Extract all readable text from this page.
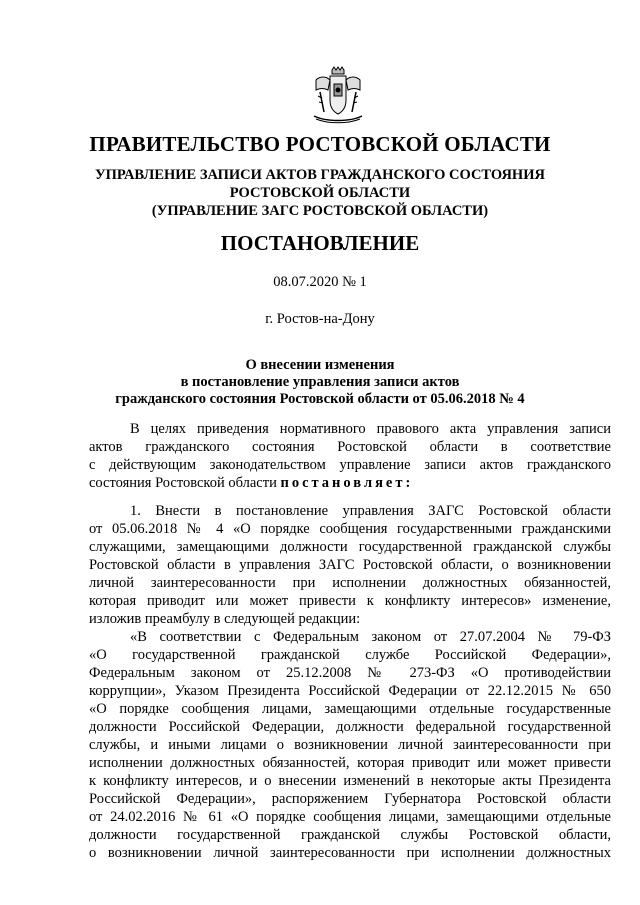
ПРАВИТЕЛЬСТВО РОСТОВСКОЙ ОБЛАСТИ
УПРАВЛЕНИЕ ЗАПИСИ АКТОВ ГРАЖДАНСКОГО СОСТОЯНИЯ
РОСТОВСКОЙ ОБЛАСТИ
(УПРАВЛЕНИЕ ЗАГС РОСТОВСКОЙ ОБЛАСТИ)
ПОСТАНОВЛЕНИЕ
08.07.2020 № 1
г. Ростов-на-Дону
О внесении изменения
в постановление управления записи актов
гражданского состояния Ростовской области от 05.06.2018 № 4
В целях приведения нормативного правового акта управления записи
актов гражданского состояния Ростовской области в соответствие
с действующим законодательством управление записи актов гражданского
состояния Ростовской области постановляет:
1. Внести в постановление управления ЗАГС Ростовской области
от 05.06.2018 № 4 «О порядке сообщения государственными гражданскими
служащими, замещающими должности государственной гражданской службы
Ростовской области в управления ЗАГС Ростовской области, о возникновении
личной заинтересованности при исполнении должностных обязанностей,
которая приводит или может привести к конфликту интересов» изменение,
изложив преамбулу в следующей редакции:
«В соответствии с Федеральным законом от 27.07.2004 № 79-ФЗ
«О государственной гражданской службе Российской Федерации»,
Федеральным законом от 25.12.2008 № 273-ФЗ «О противодействии
коррупции», Указом Президента Российской Федерации от 22.12.2015 № 650
«О порядке сообщения лицами, замещающими отдельные государственные
должности Российской Федерации, должности федеральной государственной
службы, и иными лицами о возникновении личной заинтересованности при
исполнении должностных обязанностей, которая приводит или может привести
к конфликту интересов, и о внесении изменений в некоторые акты Президента
Российской Федерации», распоряжением Губернатора Ростовской области
от 24.02.2016 № 61 «О порядке сообщения лицами, замещающими отдельные
должности государственной гражданской службы Ростовской области,
о возникновении личной заинтересованности при исполнении должностных
